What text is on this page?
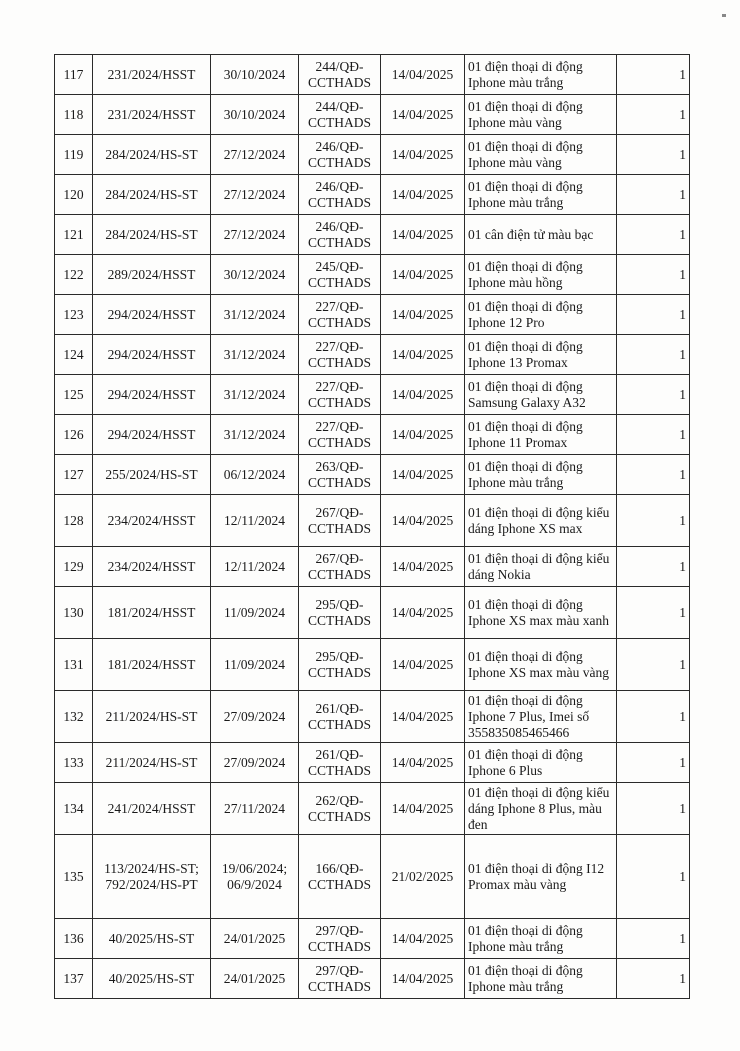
117	231/2024/HSST	30/10/2024	244/QĐ-CCTHADS	14/04/2025	01 điện thoại di động Iphone màu trắng	1
118	231/2024/HSST	30/10/2024	244/QĐ-CCTHADS	14/04/2025	01 điện thoại di động Iphone màu vàng	1
119	284/2024/HS-ST	27/12/2024	246/QĐ-CCTHADS	14/04/2025	01 điện thoại di động Iphone màu vàng	1
120	284/2024/HS-ST	27/12/2024	246/QĐ-CCTHADS	14/04/2025	01 điện thoại di động Iphone màu trắng	1
121	284/2024/HS-ST	27/12/2024	246/QĐ-CCTHADS	14/04/2025	01 cân điện tử màu bạc	1
122	289/2024/HSST	30/12/2024	245/QĐ-CCTHADS	14/04/2025	01 điện thoại di động Iphone màu hồng	1
123	294/2024/HSST	31/12/2024	227/QĐ-CCTHADS	14/04/2025	01 điện thoại di động Iphone 12 Pro	1
124	294/2024/HSST	31/12/2024	227/QĐ-CCTHADS	14/04/2025	01 điện thoại di động Iphone 13 Promax	1
125	294/2024/HSST	31/12/2024	227/QĐ-CCTHADS	14/04/2025	01 điện thoại di động Samsung Galaxy A32	1
126	294/2024/HSST	31/12/2024	227/QĐ-CCTHADS	14/04/2025	01 điện thoại di động Iphone 11 Promax	1
127	255/2024/HS-ST	06/12/2024	263/QĐ-CCTHADS	14/04/2025	01 điện thoại di động Iphone màu trắng	1
128	234/2024/HSST	12/11/2024	267/QĐ-CCTHADS	14/04/2025	01 điện thoại di động kiểu dáng Iphone XS max	1
129	234/2024/HSST	12/11/2024	267/QĐ-CCTHADS	14/04/2025	01 điện thoại di động kiểu dáng Nokia	1
130	181/2024/HSST	11/09/2024	295/QĐ-CCTHADS	14/04/2025	01 điện thoại di động Iphone XS max màu xanh	1
131	181/2024/HSST	11/09/2024	295/QĐ-CCTHADS	14/04/2025	01 điện thoại di động Iphone XS max màu vàng	1
132	211/2024/HS-ST	27/09/2024	261/QĐ-CCTHADS	14/04/2025	01 điện thoại di động Iphone 7 Plus, Imei số 355835085465466	1
133	211/2024/HS-ST	27/09/2024	261/QĐ-CCTHADS	14/04/2025	01 điện thoại di động Iphone 6 Plus	1
134	241/2024/HSST	27/11/2024	262/QĐ-CCTHADS	14/04/2025	01 điện thoại di động kiểu dáng Iphone 8 Plus, màu đen	1
135	113/2024/HS-ST; 792/2024/HS-PT	19/06/2024; 06/9/2024	166/QĐ-CCTHADS	21/02/2025	01 điện thoại di động I12 Promax màu vàng	1
136	40/2025/HS-ST	24/01/2025	297/QĐ-CCTHADS	14/04/2025	01 điện thoại di động Iphone màu trắng	1
137	40/2025/HS-ST	24/01/2025	297/QĐ-CCTHADS	14/04/2025	01 điện thoại di động Iphone màu trắng	1
